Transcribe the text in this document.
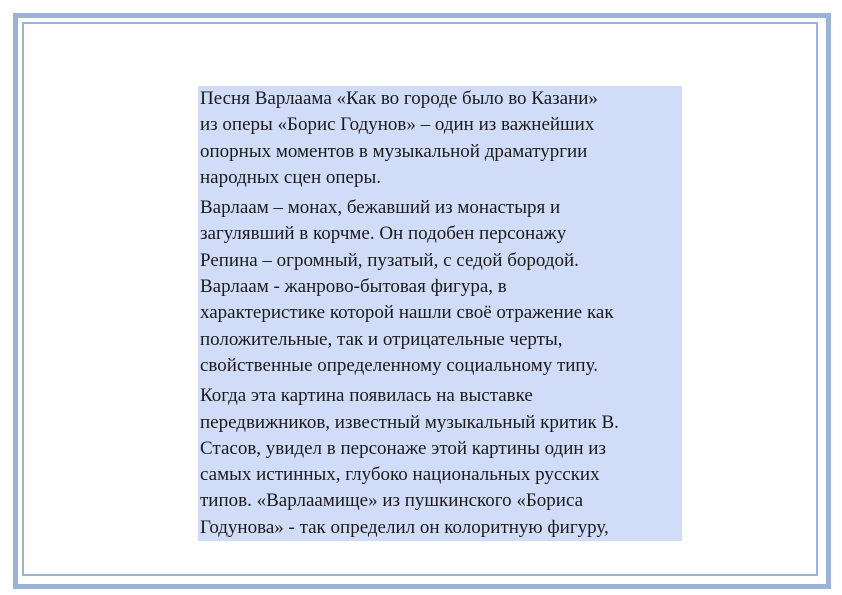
Песня Варлаама «Как во городе было во Казани»
из оперы «Борис Годунов» – один из важнейших
опорных моментов в музыкальной драматургии
народных сцен оперы.

Варлаам – монах, бежавший из монастыря и
загулявший в корчме. Он подобен персонажу
Репина – огромный, пузатый, с седой бородой.
Варлаам - жанрово-бытовая фигура, в
характеристике которой нашли своё отражение как
положительные, так и отрицательные черты,
свойственные определенному социальному типу.

Когда эта картина появилась на выставке
передвижников, известный музыкальный критик В.
Стасов, увидел в персонаже этой картины один из
самых истинных, глубоко национальных русских
типов. «Варлаамище» из пушкинского «Бориса
Годунова» - так определил он колоритную фигуру,
